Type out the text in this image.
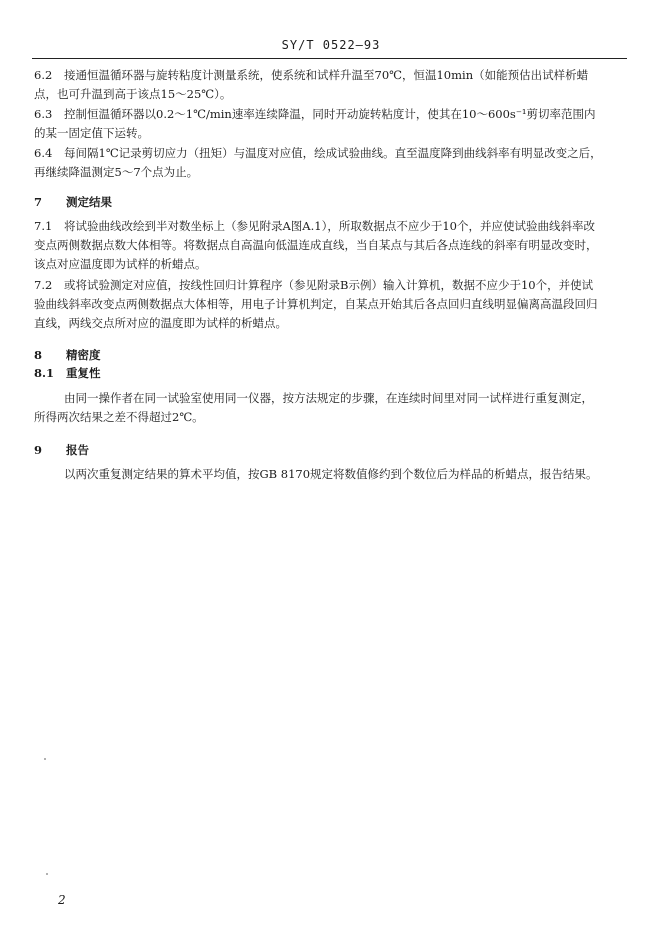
SY/T 0522—93
6.2 接通恒温循环器与旋转粘度计测量系统，使系统和试样升温至70℃，恒温10min（如能预估出试样析蜡点，也可升温到高于该点15～25℃）。
6.3 控制恒温循环器以0.2～1℃/min速率连续降温，同时开动旋转粘度计，使其在10～600s⁻¹剪切率范围内的某一固定值下运转。
6.4 每间隔1℃记录剪切应力（扭矩）与温度对应值，绘成试验曲线。直至温度降到曲线斜率有明显改变之后，再继续降温测定5～7个点为止。
7 测定结果
7.1 将试验曲线改绘到半对数坐标上（参见附录A图A.1），所取数据点不应少于10个，并应使试验曲线斜率改变点两侧数据点数大体相等。将数据点自高温向低温连成直线，当自某点与其后各点连线的斜率有明显改变时，该点对应温度即为试样的析蜡点。
7.2 或将试验测定对应值，按线性回归计算程序（参见附录B示例）输入计算机，数据不应少于10个，并使试验曲线斜率改变点两侧数据点大体相等，用电子计算机判定，自某点开始其后各点回归直线明显偏离高温段回归直线，两线交点所对应的温度即为试样的析蜡点。
8 精密度
8.1 重复性
由同一操作者在同一试验室使用同一仪器，按方法规定的步骤，在连续时间里对同一试样进行重复测定，所得两次结果之差不得超过2℃。
9 报告
以两次重复测定结果的算术平均值，按GB 8170规定将数值修约到个数位后为样品的析蜡点，报告结果。
2
